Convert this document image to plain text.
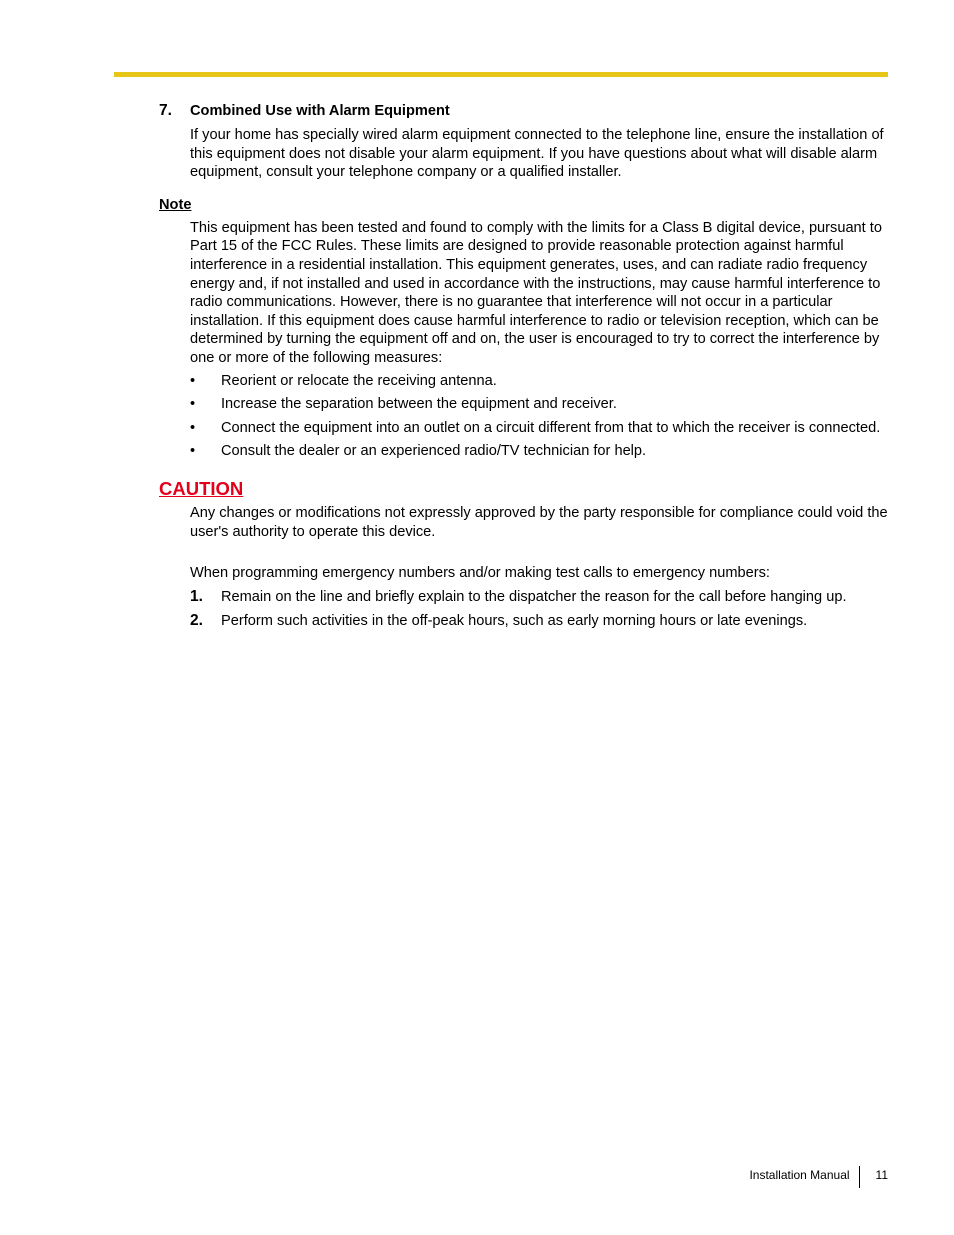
7. Combined Use with Alarm Equipment
If your home has specially wired alarm equipment connected to the telephone line, ensure the installation of this equipment does not disable your alarm equipment. If you have questions about what will disable alarm equipment, consult your telephone company or a qualified installer.
Note
This equipment has been tested and found to comply with the limits for a Class B digital device, pursuant to Part 15 of the FCC Rules. These limits are designed to provide reasonable protection against harmful interference in a residential installation. This equipment generates, uses, and can radiate radio frequency energy and, if not installed and used in accordance with the instructions, may cause harmful interference to radio communications. However, there is no guarantee that interference will not occur in a particular installation. If this equipment does cause harmful interference to radio or television reception, which can be determined by turning the equipment off and on, the user is encouraged to try to correct the interference by one or more of the following measures:
• Reorient or relocate the receiving antenna.
• Increase the separation between the equipment and receiver.
• Connect the equipment into an outlet on a circuit different from that to which the receiver is connected.
• Consult the dealer or an experienced radio/TV technician for help.
CAUTION
Any changes or modifications not expressly approved by the party responsible for compliance could void the user's authority to operate this device.
When programming emergency numbers and/or making test calls to emergency numbers:
1. Remain on the line and briefly explain to the dispatcher the reason for the call before hanging up.
2. Perform such activities in the off-peak hours, such as early morning hours or late evenings.
Installation Manual	11
